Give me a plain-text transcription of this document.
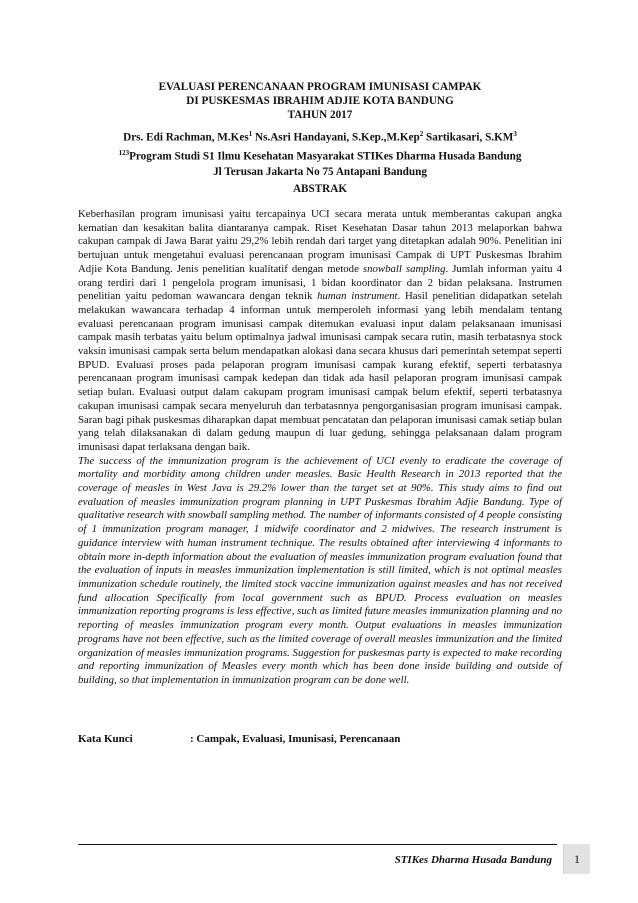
EVALUASI PERENCANAAN PROGRAM IMUNISASI CAMPAK
DI PUSKESMAS IBRAHIM ADJIE KOTA BANDUNG
TAHUN 2017
Drs. Edi Rachman, M.Kes$^1$ Ns.Asri Handayani, S.Kep.,M.Kep$^2$ Sartikasari, $S.KM^3$
$^{123}$Program Studi S1 Ilmu Kesehatan Masyarakat STIKes Dharma Husada Bandung
Jl Terusan Jakarta No 75 Antapani Bandung
ABSTRAK

Keberhasilan program imunisasi yaitu tercapainya UCI secara merata untuk memberantas cakupan angka kematian dan kesakitan balita diantaranya campak. Riset Kesehatan Dasar tahun 2013 melaporkan bahwa cakupan campak di Jawa Barat yaitu 29,2% lebih rendah dari target yang ditetapkan adalah 90%. Penelitian ini bertujuan untuk mengetahui evaluasi perencanaan program imunisasi Campak di UPT Puskesmas Ibrahim Adjie Kota Bandung. Jenis penelitian kualitatif dengan metode snowball sampling. Jumlah informan yaitu 4 orang terdiri dari 1 pengelola program imunisasi, 1 bidan koordinator dan 2 bidan pelaksana. Instrumen penelitian yaitu pedoman wawancara dengan teknik human instrument. Hasil penelitian didapatkan setelah melakukan wawancara terhadap 4 informan untuk memperoleh informasi yang lebih mendalam tentang evaluasi perencanaan program imunisasi campak ditemukan evaluasi input dalam pelaksanaan imunisasi campak masih terbatas yaitu belum optimalnya jadwal imunisasi campak secara rutin, masih terbatasnya stock vaksin imunisasi campak serta belum mendapatkan alokasi dana secara khusus dari pemerintah setempat seperti BPUD. Evaluasi proses pada pelaporan program imunisasi campak kurang efektif, seperti terbatasnya perencanaan program imunisasi campak kedepan dan tidak ada hasil pelaporan program imunisasi campak setiap bulan. Evaluasi output dalam cakupam program imunisasi campak belum efektif, seperti terbatasnya cakupan imunisasi campak secara menyeluruh dan terbatasnnya pengorganisasian program imunisasi campak. Saran bagi pihak puskesmas diharapkan dapat membuat pencatatan dan pelaporan imunisasi camak setiap bulan yang telah dilaksanakan di dalam gedung maupun di luar gedung, sehingga pelaksanaan dalam program imunisasi dapat terlaksana dengan baik.

The success of the immunization program is the achievement of UCI evenly to eradicate the coverage of mortality and morbidity among children under measles. Basic Health Research in 2013 reported that the coverage of measles in West Java is 29.2% lower than the target set at 90%. This study aims to find out evaluation of measles immunization program planning in UPT Puskesmas Ibrahim Adjie Bandung. Type of qualitative research with snowball sampling method. The number of informants consisted of 4 people consisting of 1 immunization program manager, 1 midwife coordinator and 2 midwives. The research instrument is guidance interview with human instrument technique. The results obtained after interviewing 4 informants to obtain more in-depth information about the evaluation of measles immunization program evaluation found that the evaluation of inputs in measles immunization implementation is still limited, which is not optimal measles immunization schedule routinely, the limited stock vaccine immunization against measles and has not received fund allocation Specifically from local government such as BPUD. Process evaluation on measles immunization reporting programs is less effective, such as limited future measles immunization planning and no reporting of measles immunization program every month. Output evaluations in measles immunization programs have not been effective, such as the limited coverage of overall measles immunization and the limited organization of measles immunization programs. Suggestion for puskesmas party is expected to make recording and reporting immunization of Measles every month which has been done inside building and outside of building, so that implementation in immunization program can be done well.

Kata Kunci	: Campak, Evaluasi, Imunisasi, Perencanaan
STIKes Dharma Husada Bandung	1
